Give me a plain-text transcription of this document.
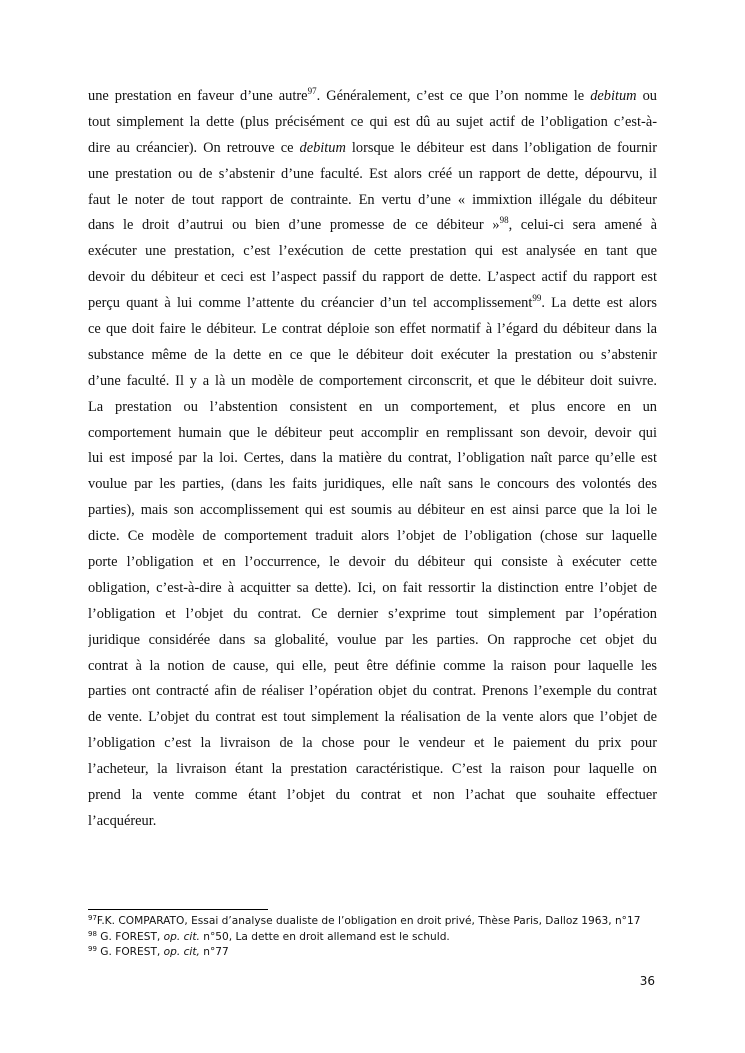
une prestation en faveur d’une autre$^{97}$. Généralement, c’est ce que l’on nomme le debitum ou
tout simplement la dette (plus précisément ce qui est dû au sujet actif de l’obligation c’est-à-
dire au créancier). On retrouve ce debitum lorsque le débiteur est dans l’obligation de fournir
une prestation ou de s’abstenir d’une faculté. Est alors créé un rapport de dette, dépourvu, il
faut le noter de tout rapport de contrainte. En vertu d’une « immixtion illégale du débiteur
dans le droit d’autrui ou bien d’une promesse de ce débiteur »$^{98}$, celui-ci sera amené à
exécuter une prestation, c’est l’exécution de cette prestation qui est analysée en tant que
devoir du débiteur et ceci est l’aspect passif du rapport de dette. L’aspect actif du rapport est
perçu quant à lui comme l’attente du créancier d’un tel accomplissement$^{99}$. La dette est alors
ce que doit faire le débiteur. Le contrat déploie son effet normatif à l’égard du débiteur dans la
substance même de la dette en ce que le débiteur doit exécuter la prestation ou s’abstenir
d’une faculté. Il y a là un modèle de comportement circonscrit, et que le débiteur doit suivre.
La prestation ou l’abstention consistent en un comportement, et plus encore en un
comportement humain que le débiteur peut accomplir en remplissant son devoir, devoir qui
lui est imposé par la loi. Certes, dans la matière du contrat, l’obligation naît parce qu’elle est
voulue par les parties, (dans les faits juridiques, elle naît sans le concours des volontés des
parties), mais son accomplissement qui est soumis au débiteur en est ainsi parce que la loi le
dicte. Ce modèle de comportement traduit alors l’objet de l’obligation (chose sur laquelle
porte l’obligation et en l’occurrence, le devoir du débiteur qui consiste à exécuter cette
obligation, c’est-à-dire à acquitter sa dette). Ici, on fait ressortir la distinction entre l’objet de
l’obligation et l’objet du contrat. Ce dernier s’exprime tout simplement par l’opération
juridique considérée dans sa globalité, voulue par les parties. On rapproche cet objet du
contrat à la notion de cause, qui elle, peut être définie comme la raison pour laquelle les
parties ont contracté afin de réaliser l’opération objet du contrat. Prenons l’exemple du contrat
de vente. L’objet du contrat est tout simplement la réalisation de la vente alors que l’objet de
l’obligation c’est la livraison de la chose pour le vendeur et le paiement du prix pour
l’acheteur, la livraison étant la prestation caractéristique. C’est la raison pour laquelle on
prend la vente comme étant l’objet du contrat et non l’achat que souhaite effectuer
l’acquéreur.
$^{97}$F.K. COMPARATO, Essai d’analyse dualiste de l’obligation en droit privé, Thèse Paris, Dalloz 1963, n°17
$^{98}$ G. FOREST, op. cit. n°50, La dette en droit allemand est le schuld.
$^{99}$ G. FOREST, op. cit, n°77
36
